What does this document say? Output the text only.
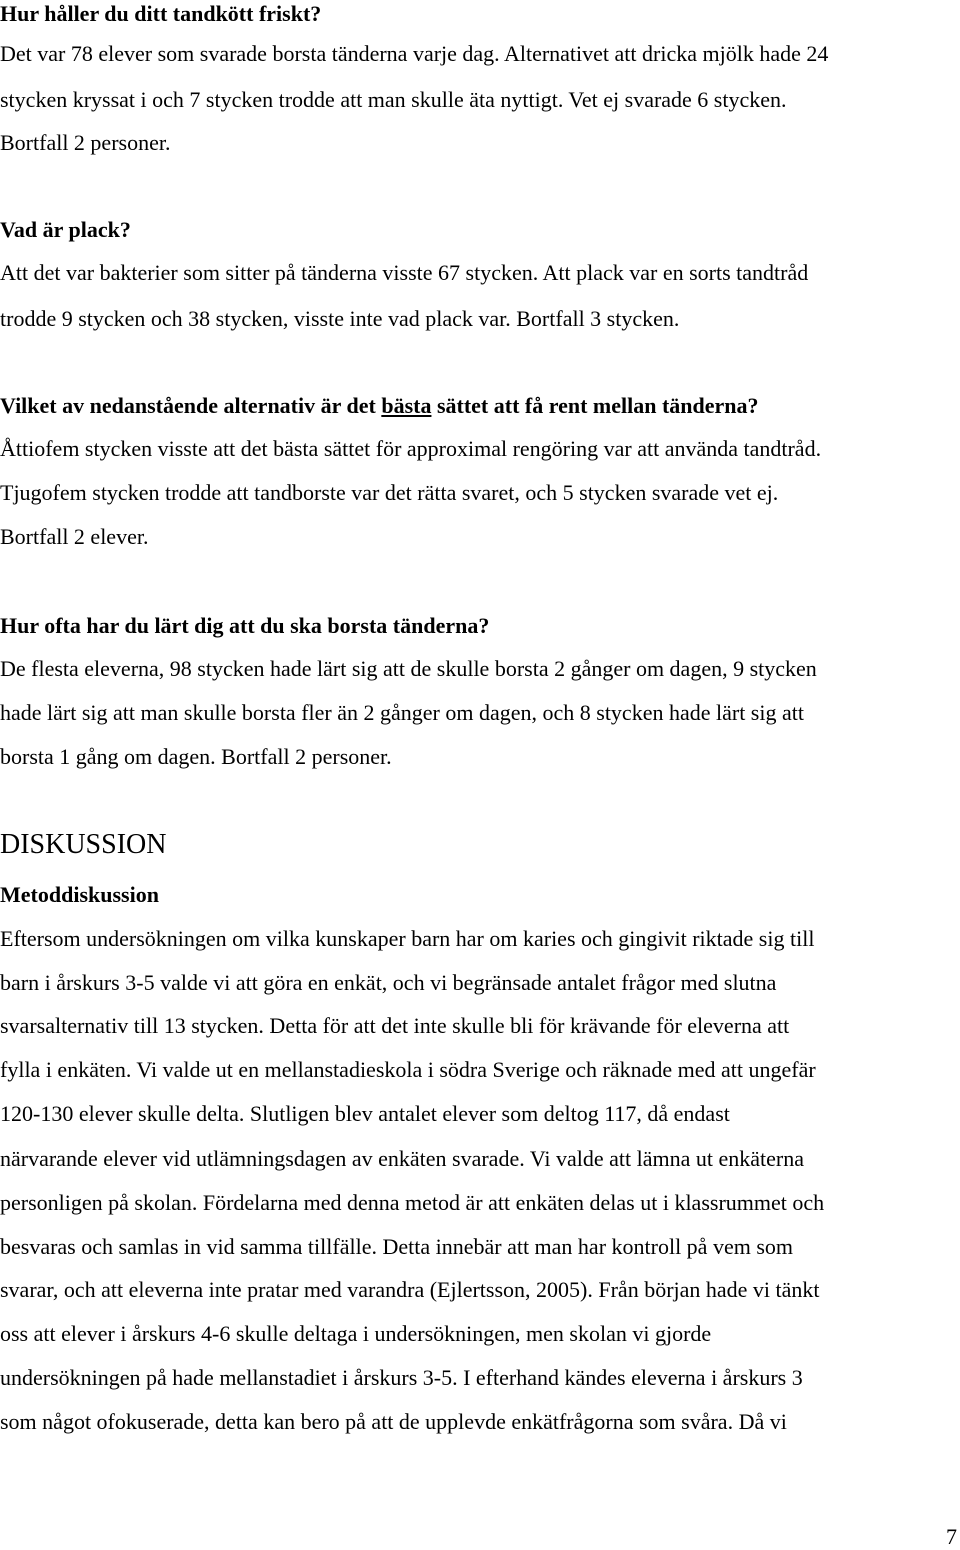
Hur håller du ditt tandkött friskt?

Det var 78 elever som svarade borsta tänderna varje dag. Alternativet att dricka mjölk hade 24

stycken kryssat i och 7 stycken trodde att man skulle äta nyttigt. Vet ej svarade 6 stycken.

Bortfall 2 personer.

Vad är plack?

Att det var bakterier som sitter på tänderna visste 67 stycken. Att plack var en sorts tandtråd

trodde 9 stycken och 38 stycken, visste inte vad plack var. Bortfall 3 stycken.

Vilket av nedanstående alternativ är det bästa sättet att få rent mellan tänderna?

Åttiofem stycken visste att det bästa sättet för approximal rengöring var att använda tandtråd.

Tjugofem stycken trodde att tandborste var det rätta svaret, och 5 stycken svarade vet ej.

Bortfall 2 elever.

Hur ofta har du lärt dig att du ska borsta tänderna?

De flesta eleverna, 98 stycken hade lärt sig att de skulle borsta 2 gånger om dagen, 9 stycken

hade lärt sig att man skulle borsta fler än 2 gånger om dagen, och 8 stycken hade lärt sig att

borsta 1 gång om dagen. Bortfall 2 personer.

DISKUSSION

Metoddiskussion

Eftersom undersökningen om vilka kunskaper barn har om karies och gingivit riktade sig till

barn i årskurs 3-5 valde vi att göra en enkät, och vi begränsade antalet frågor med slutna

svarsalternativ till 13 stycken. Detta för att det inte skulle bli för krävande för eleverna att

fylla i enkäten. Vi valde ut en mellanstadieskola i södra Sverige och räknade med att ungefär

120-130 elever skulle delta. Slutligen blev antalet elever som deltog 117, då endast

närvarande elever vid utlämningsdagen av enkäten svarade. Vi valde att lämna ut enkäterna

personligen på skolan. Fördelarna med denna metod är att enkäten delas ut i klassrummet och

besvaras och samlas in vid samma tillfälle. Detta innebär att man har kontroll på vem som

svarar, och att eleverna inte pratar med varandra (Ejlertsson, 2005). Från början hade vi tänkt

oss att elever i årskurs 4-6 skulle deltaga i undersökningen, men skolan vi gjorde

undersökningen på hade mellanstadiet i årskurs 3-5. I efterhand kändes eleverna i årskurs 3

som något ofokuserade, detta kan bero på att de upplevde enkätfrågorna som svåra. Då vi

7
